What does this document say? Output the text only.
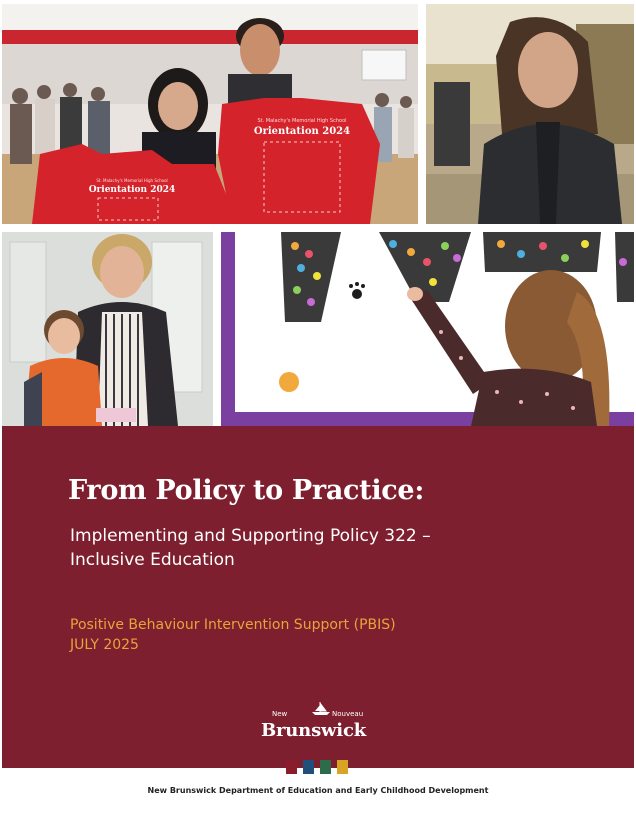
St. Malachy's Memorial High School
Orientation 2024
Orientation 2024
St. Malachy's Memorial High School
From Policy to Practice:

Implementing and Supporting Policy 322 – Inclusive Education

Positive Behaviour Intervention Support (PBIS)
JULY 2025

New	Nouveau
Brunswick

New Brunswick Department of Education and Early Childhood Development
